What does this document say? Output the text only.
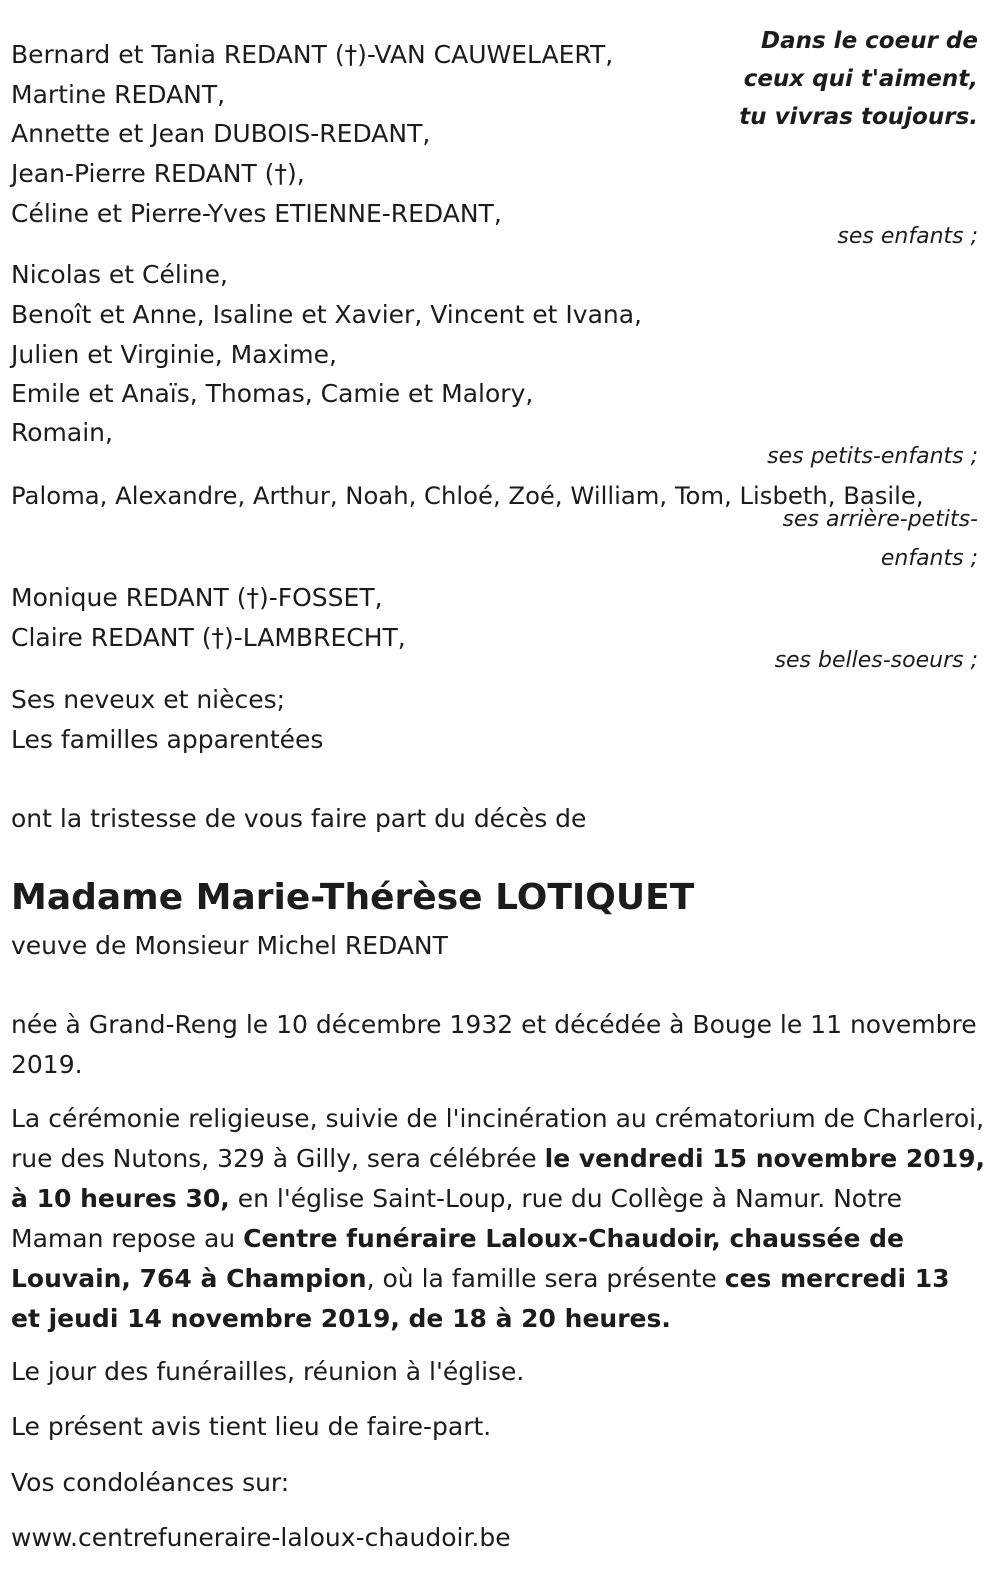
Dans le coeur de
ceux qui t'aiment,
tu vivras toujours.
Bernard et Tania REDANT (†)-VAN CAUWELAERT,
Martine REDANT,
Annette et Jean DUBOIS-REDANT,
Jean-Pierre REDANT (†),
Céline et Pierre-Yves ETIENNE-REDANT,
ses enfants ;
Nicolas et Céline,
Benoît et Anne, Isaline et Xavier, Vincent et Ivana,
Julien et Virginie, Maxime,
Emile et Anaïs, Thomas, Camie et Malory,
Romain,
ses petits-enfants ;
Paloma, Alexandre, Arthur, Noah, Chloé, Zoé, William, Tom, Lisbeth, Basile,
ses arrière-petits-
enfants ;
Monique REDANT (†)-FOSSET,
Claire REDANT (†)-LAMBRECHT,
ses belles-soeurs ;
Ses neveux et nièces;
Les familles apparentées
ont la tristesse de vous faire part du décès de
Madame Marie-Thérèse LOTIQUET
veuve de Monsieur Michel REDANT
née à Grand-Reng le 10 décembre 1932 et décédée à Bouge le 11 novembre 2019.
La cérémonie religieuse, suivie de l'incinération au crématorium de Charleroi, rue des Nutons, 329 à Gilly, sera célébrée le vendredi 15 novembre 2019, à 10 heures 30, en l'église Saint-Loup, rue du Collège à Namur. Notre Maman repose au Centre funéraire Laloux-Chaudoir, chaussée de Louvain, 764 à Champion, où la famille sera présente ces mercredi 13 et jeudi 14 novembre 2019, de 18 à 20 heures.
Le jour des funérailles, réunion à l'église.
Le présent avis tient lieu de faire-part.
Vos condoléances sur:
www.centrefuneraire-laloux-chaudoir.be
